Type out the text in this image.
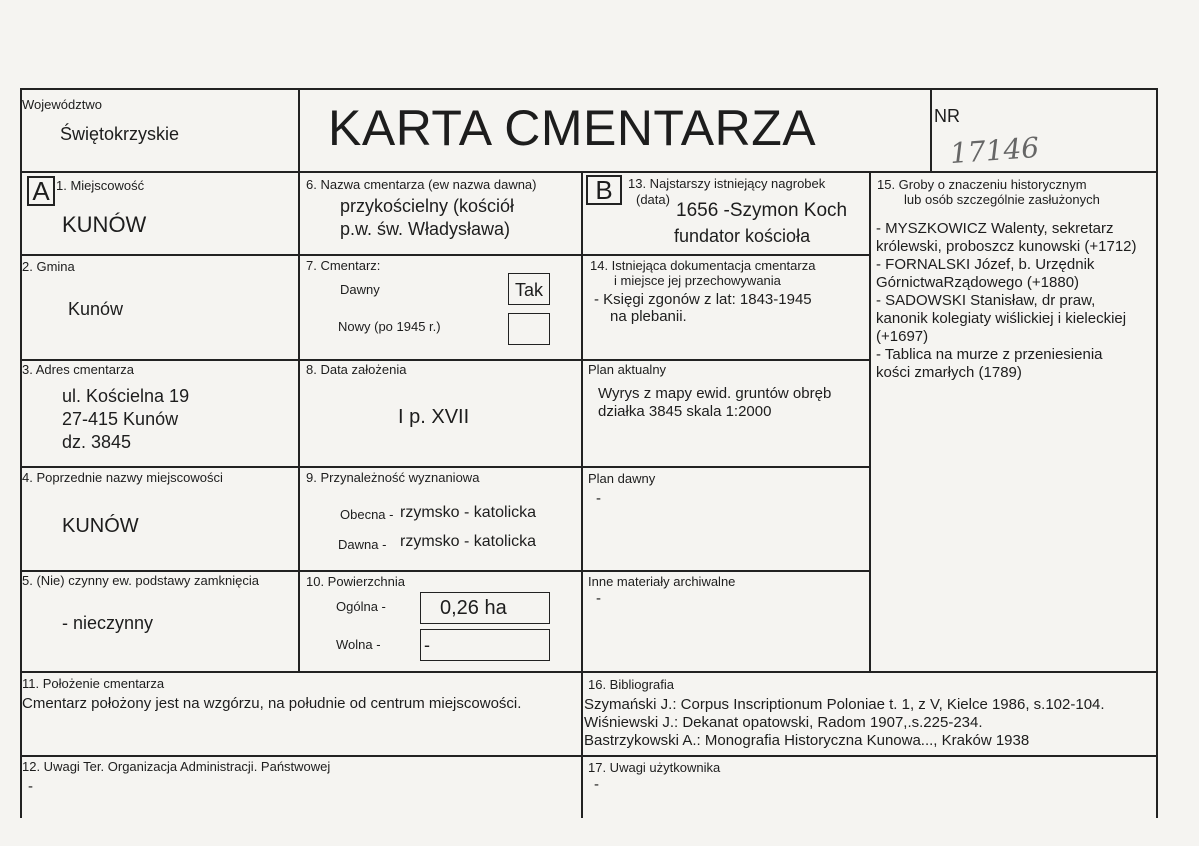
Województwo
Świętokrzyskie	KARTA CMENTARZA	NR
17146
A	B
1. Miejscowość
KUNÓW
2. Gmina
Kunów
3. Adres cmentarza
ul. Kościelna 19
27-415 Kunów
dz. 3845
4. Poprzednie nazwy miejscowości
KUNÓW
5. (Nie) czynny ew. podstawy zamknięcia
- nieczynny
6. Nazwa cmentarza (ew nazwa dawna)
przykościelny (kościół
p.w. św. Władysława)
7. Cmentarz:
Dawny	Tak
Nowy (po 1945 r.)
8. Data założenia
I p. XVII
9. Przynależność wyznaniowa
Obecna - rzymsko - katolicka
Dawna - rzymsko - katolicka
10. Powierzchnia
Ogólna -	0,26 ha
Wolna - -
11. Położenie cmentarza
Cmentarz położony jest na wzgórzu, na południe od centrum miejscowości.
12. Uwagi Ter. Organizacja Administracji. Państwowej
-
13. Najstarszy istniejący nagrobek
(data)
1656 -Szymon Koch
fundator kościoła
14. Istniejąca dokumentacja cmentarza
i miejsce jej przechowywania
- Księgi zgonów z lat: 1843-1945
na plebanii.
Plan aktualny
Wyrys z mapy ewid. gruntów obręb
działka 3845 skala 1:2000
Plan dawny
-
Inne materiały archiwalne
-
15. Groby o znaczeniu historycznym
lub osób szczególnie zasłużonych
- MYSZKOWICZ Walenty, sekretarz
królewski, proboszcz kunowski (+1712)
- FORNALSKI Józef, b. Urzędnik
GórnictwaRządowego (+1880)
- SADOWSKI Stanisław, dr praw,
kanonik kolegiaty wiślickiej i kieleckiej
(+1697)
- Tablica na murze z przeniesienia
kości zmarłych (1789)
16. Bibliografia
Szymański J.: Corpus Inscriptionum Poloniae t. 1, z V, Kielce 1986, s.102-104.
Wiśniewski J.: Dekanat opatowski, Radom 1907,.s.225-234.
Bastrzykowski A.: Monografia Historyczna Kunowa..., Kraków 1938
17. Uwagi użytkownika
-
